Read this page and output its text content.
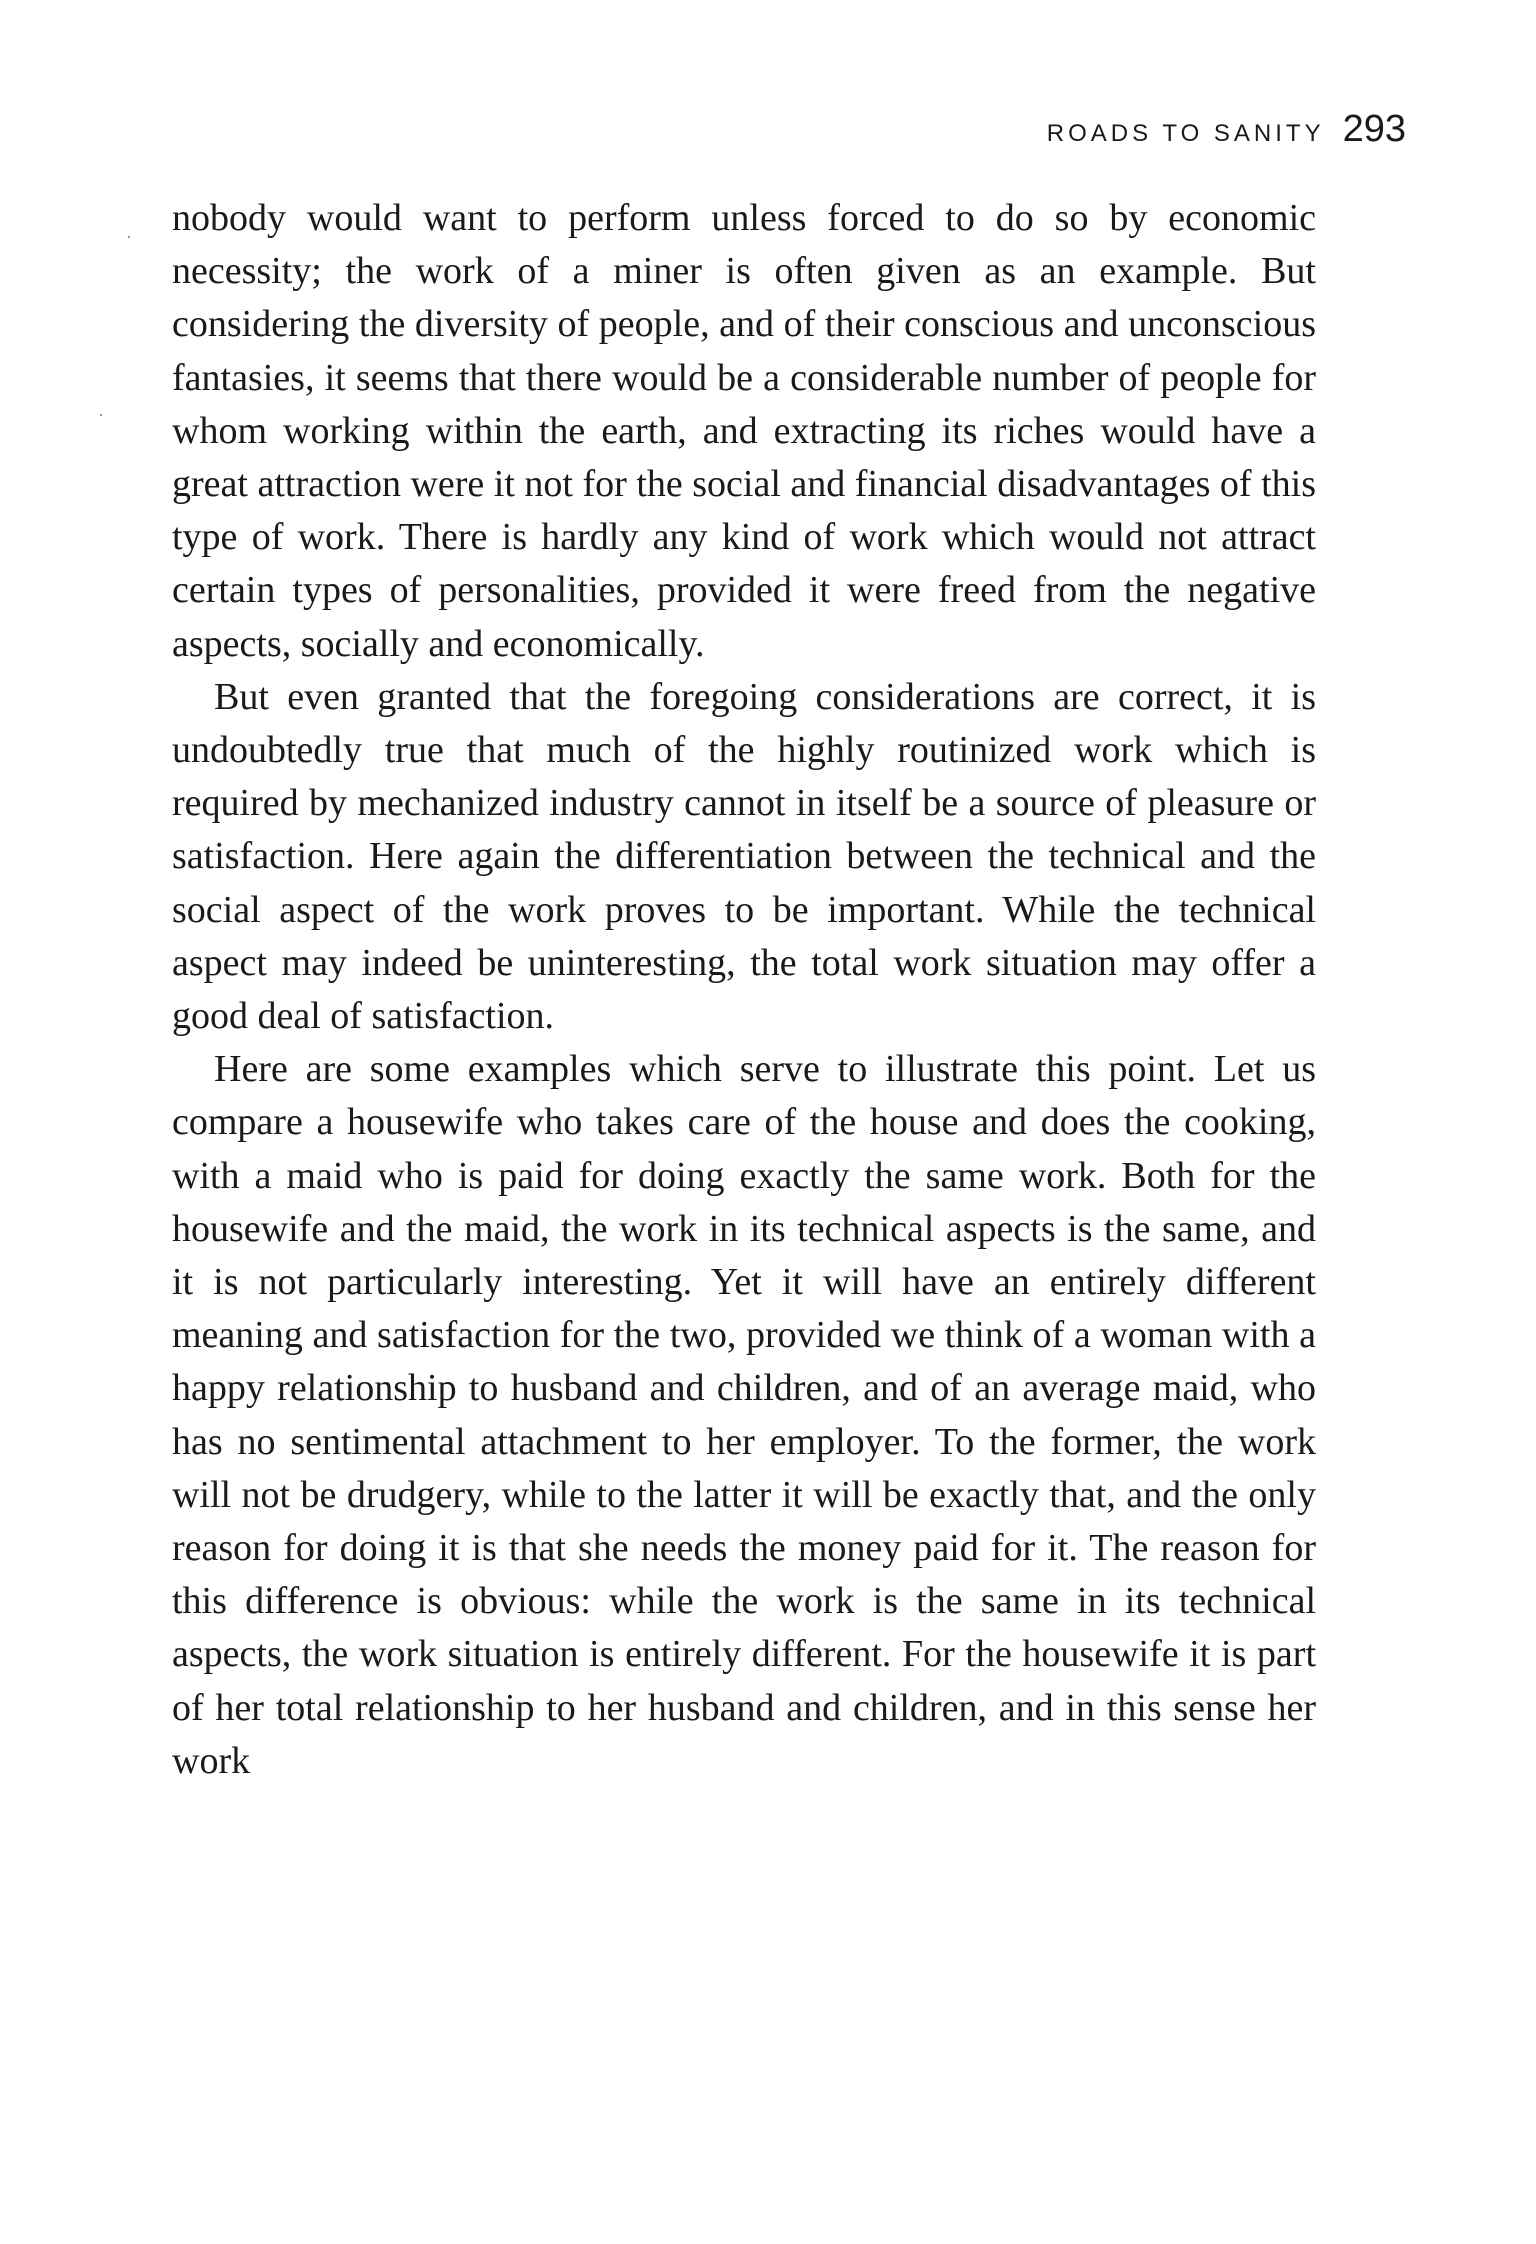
ROADS TO SANITY 293

nobody would want to perform unless forced to do so by economic necessity; the work of a miner is often given as an example. But considering the diversity of people, and of their conscious and unconscious fantasies, it seems that there would be a considerable number of people for whom working within the earth, and extracting its riches would have a great attraction were it not for the social and financial disadvantages of this type of work. There is hardly any kind of work which would not attract certain types of personalities, provided it were freed from the negative aspects, socially and economically.

But even granted that the foregoing considerations are correct, it is undoubtedly true that much of the highly routinized work which is required by mechanized industry cannot in itself be a source of pleasure or satisfaction. Here again the differentiation between the technical and the social aspect of the work proves to be important. While the technical aspect may indeed be uninteresting, the total work situation may offer a good deal of satisfaction.

Here are some examples which serve to illustrate this point. Let us compare a housewife who takes care of the house and does the cooking, with a maid who is paid for doing exactly the same work. Both for the housewife and the maid, the work in its technical aspects is the same, and it is not particularly interesting. Yet it will have an entirely different meaning and satisfaction for the two, provided we think of a woman with a happy relationship to husband and children, and of an average maid, who has no sentimental attachment to her employer. To the former, the work will not be drudgery, while to the latter it will be exactly that, and the only reason for doing it is that she needs the money paid for it. The reason for this difference is obvious: while the work is the same in its technical aspects, the work situation is entirely different. For the housewife it is part of her total relationship to her husband and children, and in this sense her work
